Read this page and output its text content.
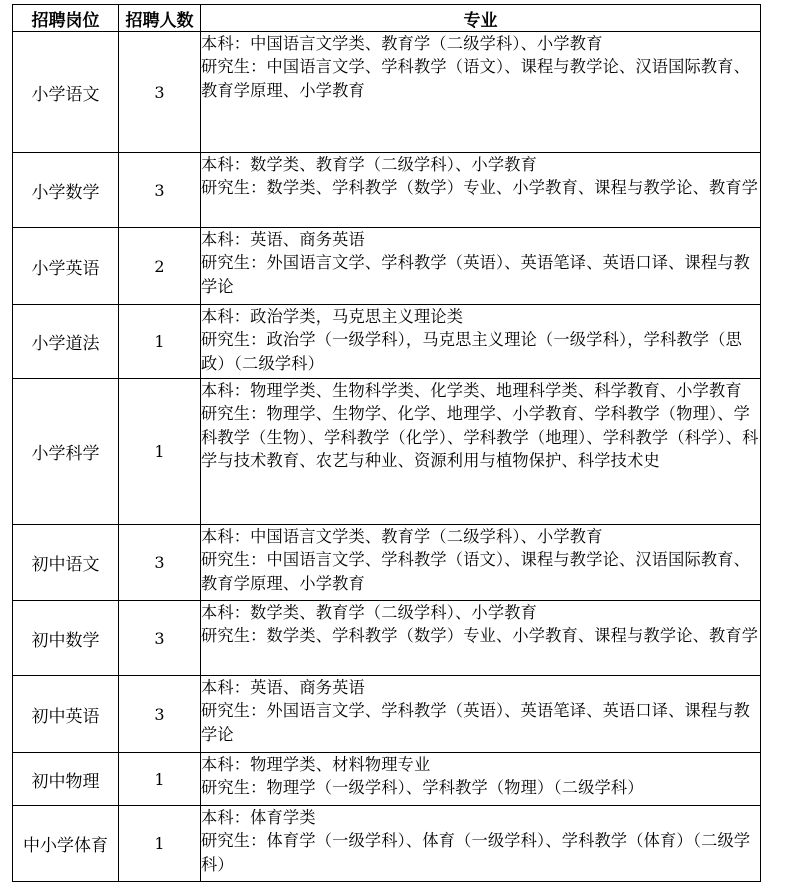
招聘岗位	招聘人数	专业
小学语文	3	本科：中国语言文学类、教育学（二级学科）、小学教育
研究生：中国语言文学、学科教学（语文）、课程与教学论、汉语国际教育、教育学原理、小学教育

小学数学	3	本科：数学类、教育学（二级学科）、小学教育
研究生：数学类、学科教学（数学）专业、小学教育、课程与教学论、教育学

小学英语	2	本科：英语、商务英语
研究生：外国语言文学、学科教学（英语）、英语笔译、英语口译、课程与教学论

小学道法	1	本科：政治学类，马克思主义理论类
研究生：政治学（一级学科），马克思主义理论（一级学科），学科教学（思政）（二级学科）

小学科学	1	本科：物理学类、生物科学类、化学类、地理科学类、科学教育、小学教育
研究生：物理学、生物学、化学、地理学、小学教育、学科教学（物理）、学科教学（生物）、学科教学（化学）、学科教学（地理）、学科教学（科学）、科学与技术教育、农艺与种业、资源利用与植物保护、科学技术史

初中语文	3	本科：中国语言文学类、教育学（二级学科）、小学教育
研究生：中国语言文学、学科教学（语文）、课程与教学论、汉语国际教育、教育学原理、小学教育

初中数学	3	本科：数学类、教育学（二级学科）、小学教育
研究生：数学类、学科教学（数学）专业、小学教育、课程与教学论、教育学

初中英语	3	本科：英语、商务英语
研究生：外国语言文学、学科教学（英语）、英语笔译、英语口译、课程与教学论

初中物理	1	本科：物理学类、材料物理专业
研究生：物理学（一级学科）、学科教学（物理）（二级学科）

中小学体育	1	本科：体育学类
研究生：体育学（一级学科）、体育（一级学科）、学科教学（体育）（二级学科）
